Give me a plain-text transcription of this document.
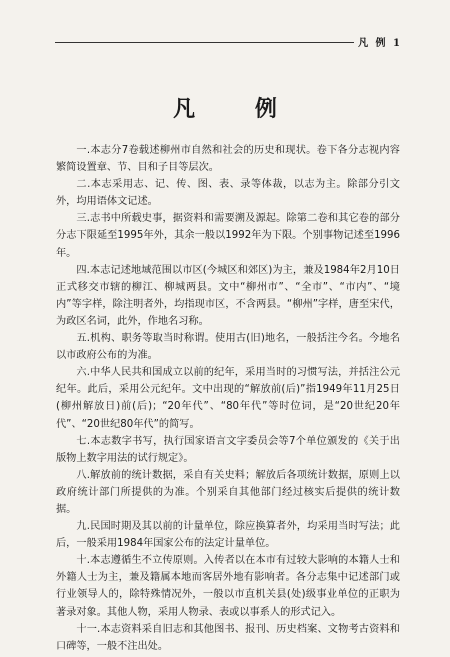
凡 例 1
凡 例

一.本志分7卷载述柳州市自然和社会的历史和现状。卷下各分志视内容繁简设置章、节、目和子目等层次。

二.本志采用志、记、传、图、表、录等体裁，以志为主。除部分引文外，均用语体文记述。

三.志书中所载史事，据资料和需要溯及源起。除第二卷和其它卷的部分分志下限延至1995年外，其余一般以1992年为下限。个别事物记述至1996年。

四.本志记述地域范围以市区(今城区和郊区)为主，兼及1984年2月10日正式移交市辖的柳江、柳城两县。文中“柳州市”、“全市”、“市内”、“境内”等字样，除注明者外，均指现市区，不含两县。“柳州”字样，唐至宋代，为政区名词，此外，作地名习称。

五.机构、职务等取当时称谓。使用古(旧)地名，一般括注今名。今地名以市政府公布的为准。

六.中华人民共和国成立以前的纪年，采用当时的习惯写法，并括注公元纪年。此后，采用公元纪年。文中出现的“解放前(后)”指1949年11月25日(柳州解放日)前(后)；“20年代”、“80年代”等时位词，是“20世纪20年代”、“20世纪80年代”的简写。

七.本志数字书写，执行国家语言文字委员会等7个单位颁发的《关于出版物上数字用法的试行规定》。

八.解放前的统计数据，采自有关史料；解放后各项统计数据，原则上以政府统计部门所提供的为准。个别采自其他部门经过核实后提供的统计数据。

九.民国时期及其以前的计量单位，除应换算者外，均采用当时写法；此后，一般采用1984年国家公布的法定计量单位。

十.本志遵循生不立传原则。入传者以在本市有过较大影响的本籍人士和外籍人士为主，兼及籍属本地而客居外地有影响者。各分志集中记述部门或行业领导人的，除特殊情况外，一般以市直机关县(处)级事业单位的正职为著录对象。其他人物，采用人物录、表或以事系人的形式记入。

十一.本志资料采自旧志和其他图书、报刊、历史档案、文物考古资料和口碑等，一般不注出处。
